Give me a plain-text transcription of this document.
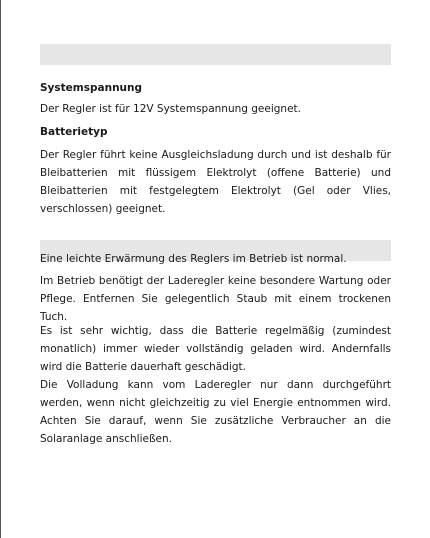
Systemspannung
Der Regler ist für 12V Systemspannung geeignet.
Batterietyp
Der Regler führt keine Ausgleichsladung durch und ist deshalb für Bleibatterien mit flüssigem Elektrolyt (offene Batterie) und Bleibatterien mit festgelegtem Elektrolyt (Gel oder Vlies, verschlossen) geeignet.
Eine leichte Erwärmung des Reglers im Betrieb ist normal.
Im Betrieb benötigt der Laderegler keine besondere Wartung oder Pflege. Entfernen Sie gelegentlich Staub mit einem trockenen Tuch.
Es ist sehr wichtig, dass die Batterie regelmäßig (zumindest monatlich) immer wieder vollständig geladen wird. Andernfalls wird die Batterie dauerhaft geschädigt.
Die Volladung kann vom Laderegler nur dann durchgeführt werden, wenn nicht gleichzeitig zu viel Energie entnommen wird. Achten Sie darauf, wenn Sie zusätzliche Verbraucher an die Solaranlage anschließen.
